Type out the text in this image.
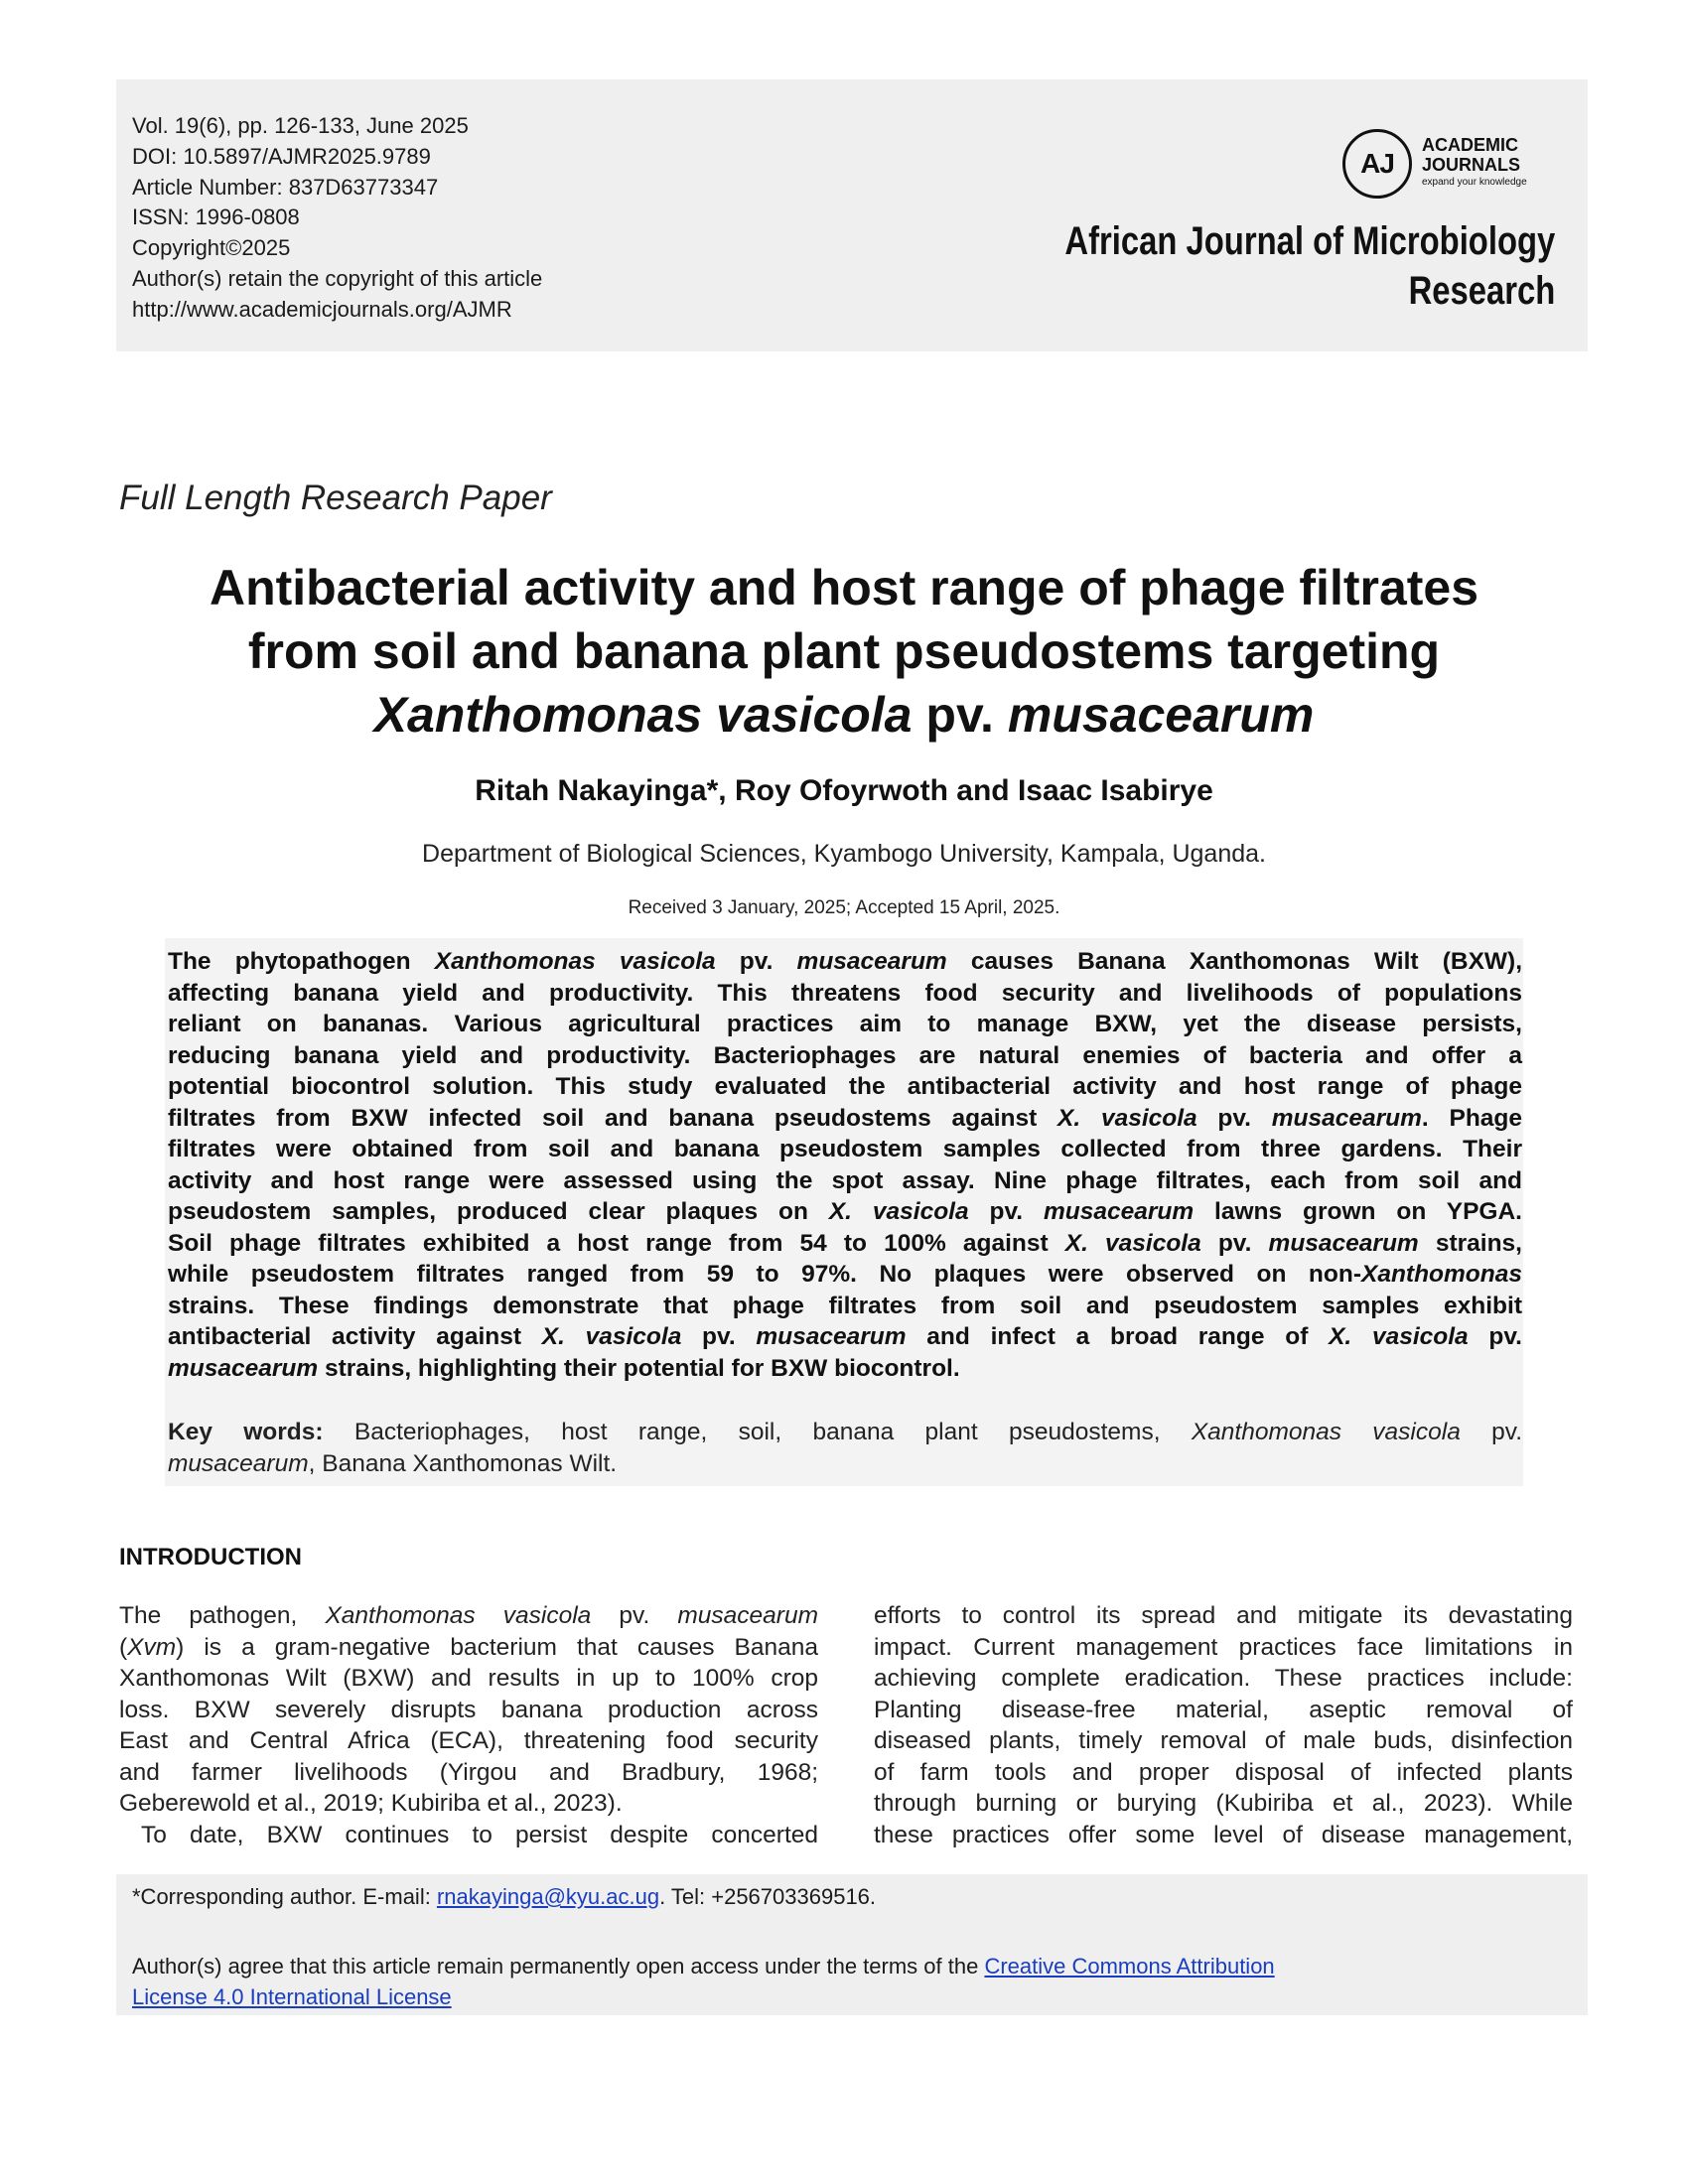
Vol. 19(6), pp. 126-133, June 2025
DOI: 10.5897/AJMR2025.9789
Article Number: 837D63773347
ISSN: 1996-0808
Copyright©2025
Author(s) retain the copyright of this article
http://www.academicjournals.org/AJMR
AJ
ACADEMIC
JOURNALS
expand your knowledge
African Journal of Microbiology
Research
Full Length Research Paper
Antibacterial activity and host range of phage filtrates
from soil and banana plant pseudostems targeting
Xanthomonas vasicola pv. musacearum
Ritah Nakayinga*, Roy Ofoyrwoth and Isaac Isabirye
Department of Biological Sciences, Kyambogo University, Kampala, Uganda.
Received 3 January, 2025; Accepted 15 April, 2025.
The phytopathogen Xanthomonas vasicola pv. musacearum causes Banana Xanthomonas Wilt (BXW),
affecting banana yield and productivity. This threatens food security and livelihoods of populations
reliant on bananas. Various agricultural practices aim to manage BXW, yet the disease persists,
reducing banana yield and productivity. Bacteriophages are natural enemies of bacteria and offer a
potential biocontrol solution. This study evaluated the antibacterial activity and host range of phage
filtrates from BXW infected soil and banana pseudostems against X. vasicola pv. musacearum. Phage
filtrates were obtained from soil and banana pseudostem samples collected from three gardens. Their
activity and host range were assessed using the spot assay. Nine phage filtrates, each from soil and
pseudostem samples, produced clear plaques on X. vasicola pv. musacearum lawns grown on YPGA.
Soil phage filtrates exhibited a host range from 54 to 100% against X. vasicola pv. musacearum strains,
while pseudostem filtrates ranged from 59 to 97%. No plaques were observed on non-Xanthomonas
strains. These findings demonstrate that phage filtrates from soil and pseudostem samples exhibit
antibacterial activity against X. vasicola pv. musacearum and infect a broad range of X. vasicola pv.
musacearum strains, highlighting their potential for BXW biocontrol.
Key words: Bacteriophages, host range, soil, banana plant pseudostems, Xanthomonas vasicola pv.
musacearum, Banana Xanthomonas Wilt.
INTRODUCTION
The pathogen, Xanthomonas vasicola pv. musacearum
(Xvm) is a gram-negative bacterium that causes Banana
Xanthomonas Wilt (BXW) and results in up to 100% crop
loss. BXW severely disrupts banana production across
East and Central Africa (ECA), threatening food security
and farmer livelihoods (Yirgou and Bradbury, 1968;
Geberewold et al., 2019; Kubiriba et al., 2023).
To date, BXW continues to persist despite concerted
efforts to control its spread and mitigate its devastating
impact. Current management practices face limitations in
achieving complete eradication. These practices include:
Planting disease-free material, aseptic removal of
diseased plants, timely removal of male buds, disinfection
of farm tools and proper disposal of infected plants
through burning or burying (Kubiriba et al., 2023). While
these practices offer some level of disease management,
*Corresponding author. E-mail: rnakayinga@kyu.ac.ug. Tel: +256703369516.
Author(s) agree that this article remain permanently open access under the terms of the Creative Commons Attribution
License 4.0 International License
